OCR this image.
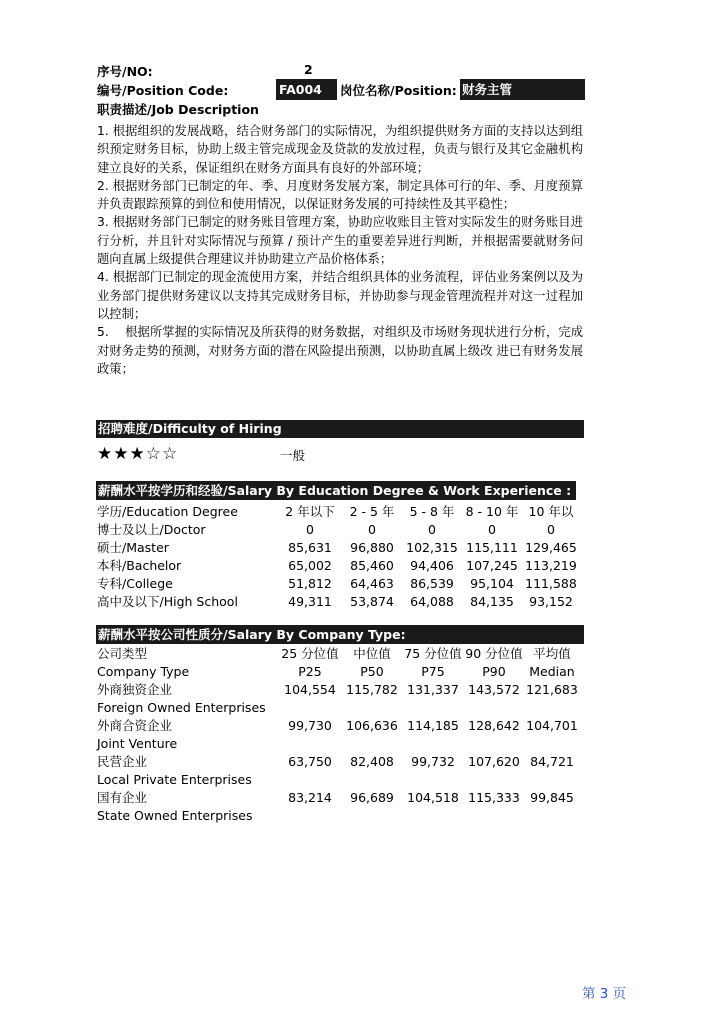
序号/NO:	2
编号/Position Code:	FA004	岗位名称/Position: 财务主管
职责描述/Job Description

1. 根据组织的发展战略，结合财务部门的实际情况，为组织提供财务方面的支持以达到组织预定财务目标，协助上级主管完成现金及贷款的发放过程，负责与银行及其它金融机构建立良好的关系，保证组织在财务方面具有良好的外部环境；

2. 根据财务部门已制定的年、季、月度财务发展方案，制定具体可行的年、季、月度预算并负责跟踪预算的到位和使用情况，以保证财务发展的可持续性及其平稳性；

3. 根据财务部门已制定的财务账目管理方案，协助应收账目主管对实际发生的财务账目进行分析，并且针对实际情况与预算 / 预计产生的重要差异进行判断，并根据需要就财务问题向直属上级提供合理建议并协助建立产品价格体系；

4. 根据部门已制定的现金流使用方案，并结合组织具体的业务流程，评估业务案例以及为业务部门提供财务建议以支持其完成财务目标，并协助参与现金管理流程并对这一过程加以控制；

5.　 根据所掌握的实际情况及所获得的财务数据，对组织及市场财务现状进行分析，完成对财务走势的预测，对财务方面的潜在风险提出预测，以协助直属上级改 进已有财务发展政策；

招聘难度/Difficulty of Hiring
★★★☆☆	一般
薪酬水平按学历和经验/Salary By Education Degree & Work Experience :
学历/Education Degree	2 年以下	2 - 5 年	5 - 8 年	8 - 10 年	10 年以
博士及以上/Doctor	0	0	0	0	0
硕士/Master	85,631	96,880	102,315	115,111	129,465
本科/Bachelor	65,002	85,460	94,406	107,245	113,219
专科/College	51,812	64,463	86,539	95,104	111,588
高中及以下/High School	49,311	53,874	64,088	84,135	93,152
薪酬水平按公司性质分/Salary By Company Type:
公司类型	25 分位值	中位值	75 分位值	90 分位值	平均值
Company Type	P25	P50	P75	P90	Median
外商独资企业	104,554	115,782	131,337	143,572	121,683
Foreign Owned Enterprises					
外商合资企业	99,730	106,636	114,185	128,642	104,701
Joint Venture					
民营企业	63,750	82,408	99,732	107,620	84,721
Local Private Enterprises					
国有企业	83,214	96,689	104,518	115,333	99,845
State Owned Enterprises					
第 3 页
